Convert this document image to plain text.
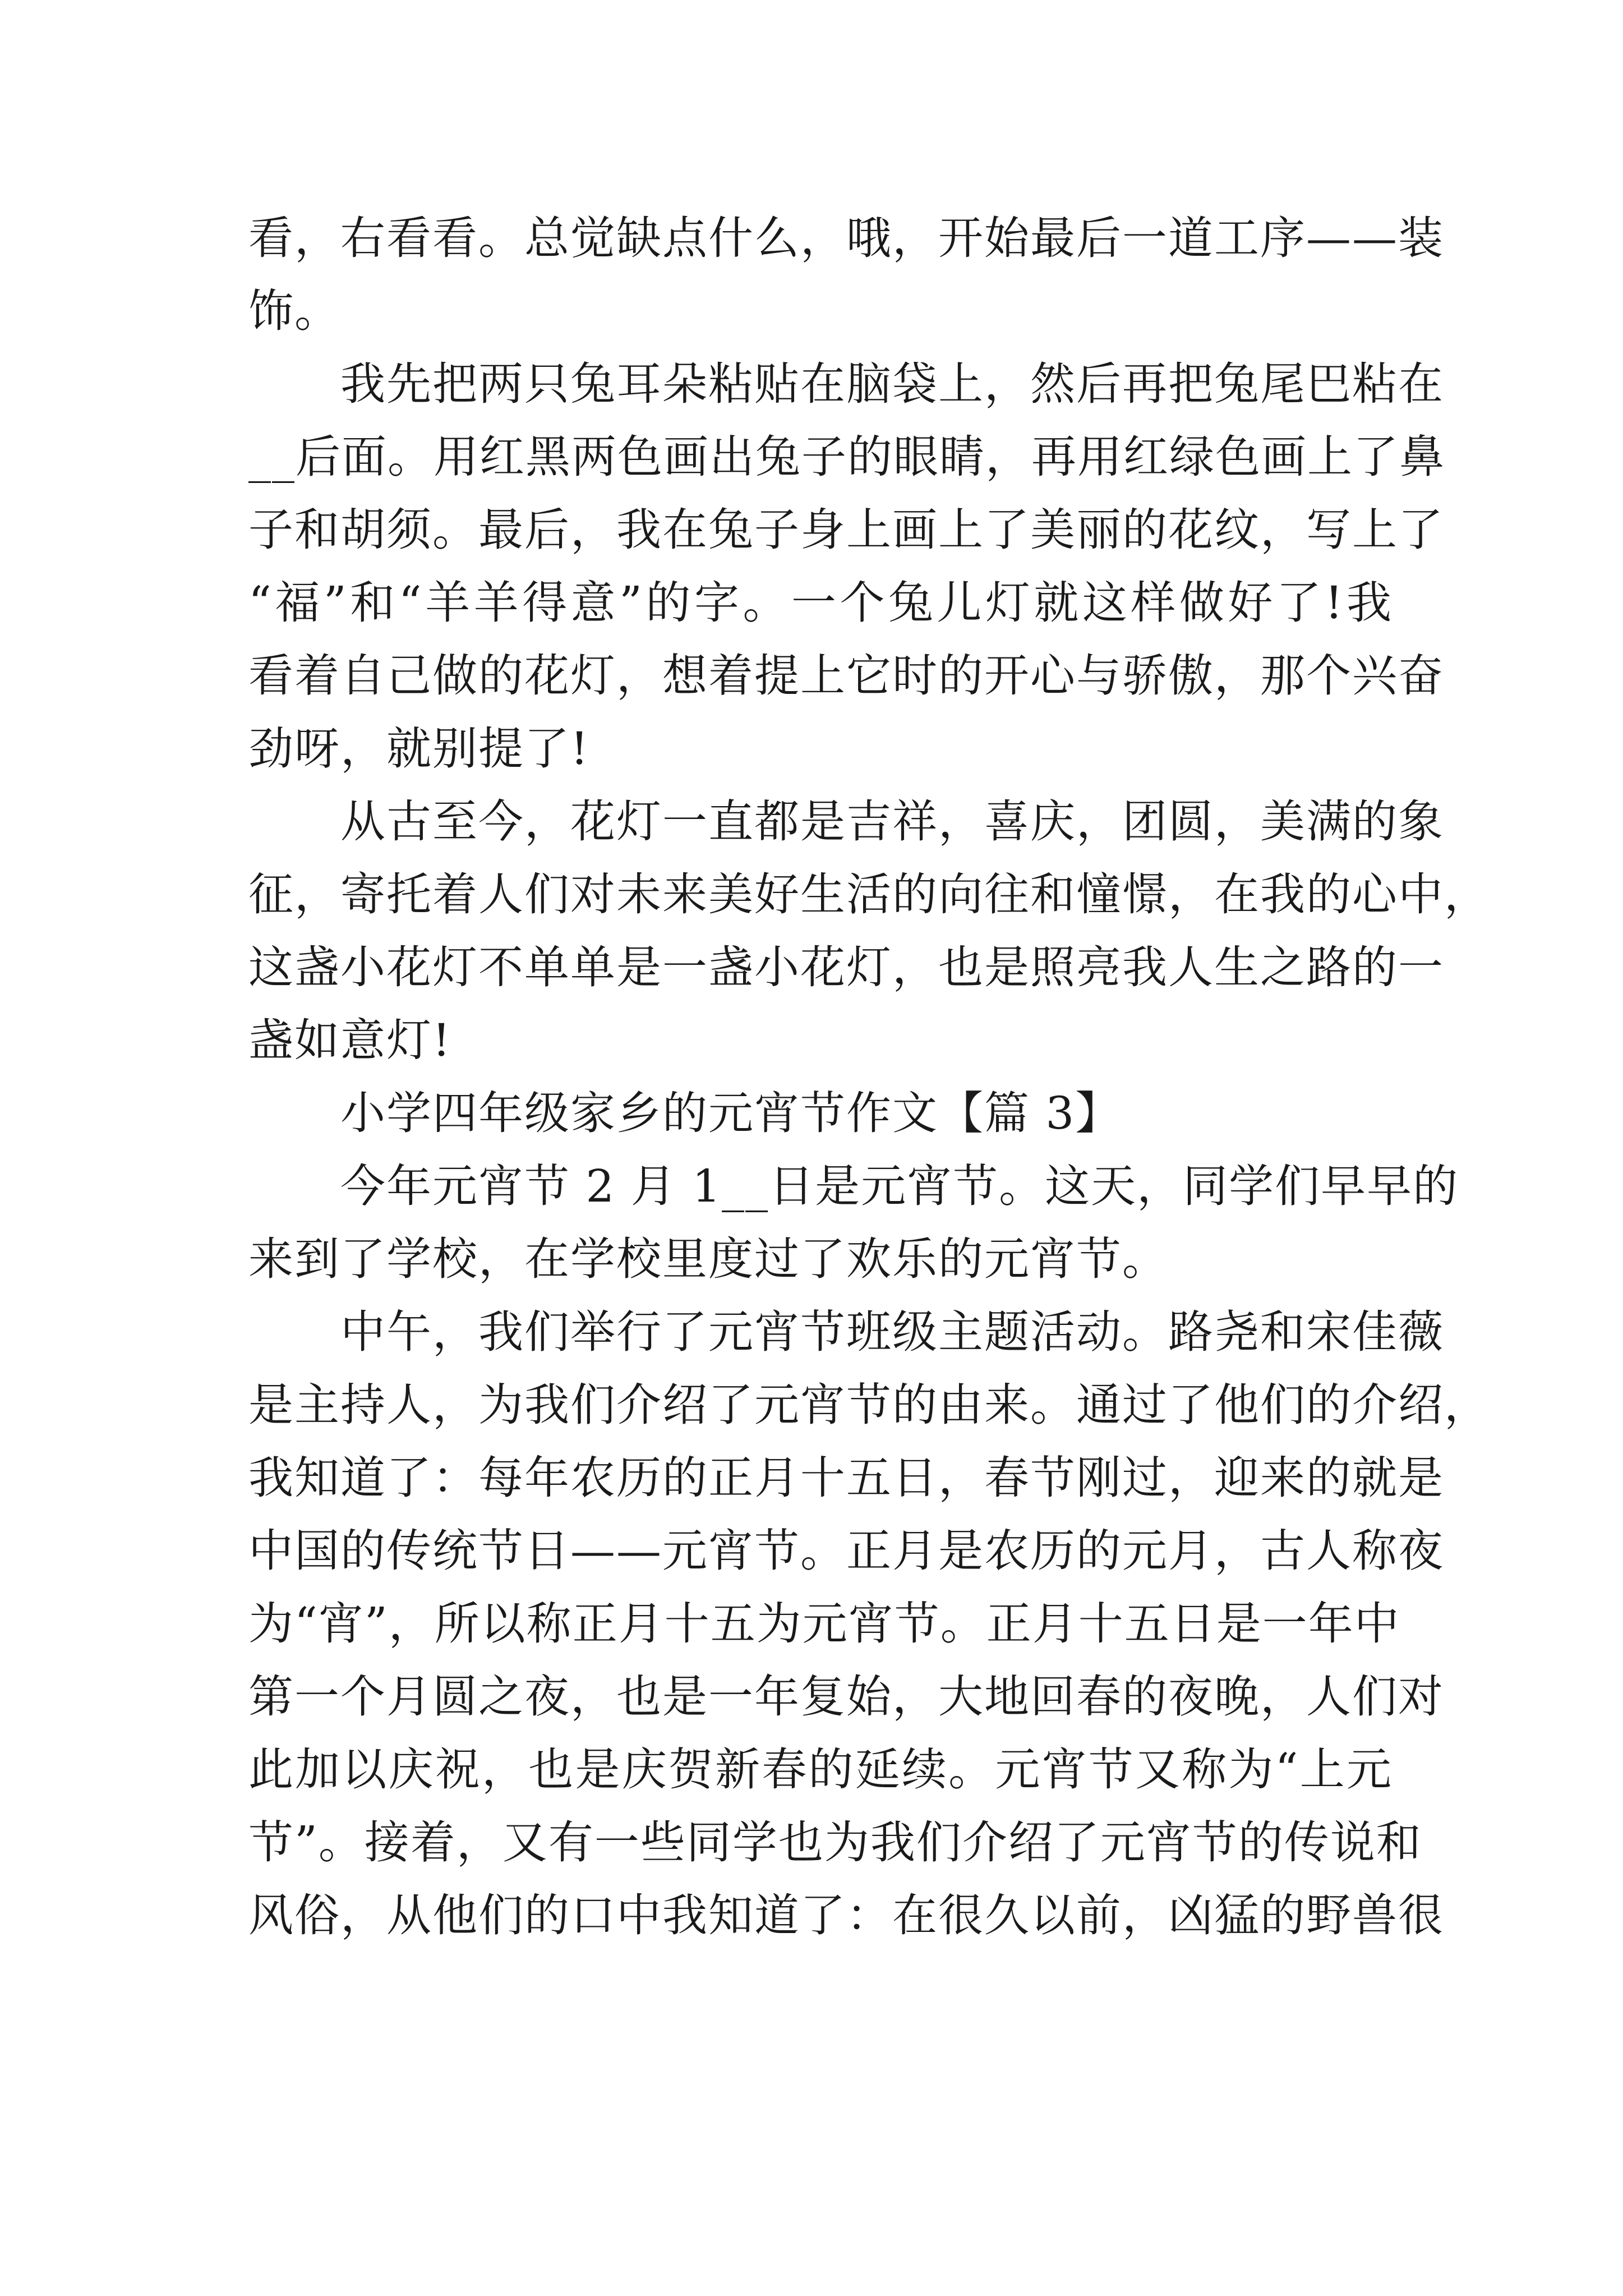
看，右看看。总觉缺点什么，哦，开始最后一道工序——装
饰。
　　我先把两只兔耳朵粘贴在脑袋上，然后再把兔尾巴粘在
__后面。用红黑两色画出兔子的眼睛，再用红绿色画上了鼻
子和胡须。最后，我在兔子身上画上了美丽的花纹，写上了
“福”和“羊羊得意”的字。一个兔儿灯就这样做好了!我
看着自己做的花灯，想着提上它时的开心与骄傲，那个兴奋
劲呀，就别提了!
　　从古至今，花灯一直都是吉祥，喜庆，团圆，美满的象
征，寄托着人们对未来美好生活的向往和憧憬，在我的心中，
这盏小花灯不单单是一盏小花灯，也是照亮我人生之路的一
盏如意灯!
　　小学四年级家乡的元宵节作文【篇 3】
　　今年元宵节 2 月 1__日是元宵节。这天，同学们早早的
来到了学校，在学校里度过了欢乐的元宵节。
　　中午，我们举行了元宵节班级主题活动。路尧和宋佳薇
是主持人，为我们介绍了元宵节的由来。通过了他们的介绍，
我知道了：每年农历的正月十五日，春节刚过，迎来的就是
中国的传统节日——元宵节。正月是农历的元月，古人称夜
为“宵”，所以称正月十五为元宵节。正月十五日是一年中
第一个月圆之夜，也是一年复始，大地回春的夜晚，人们对
此加以庆祝，也是庆贺新春的延续。元宵节又称为“上元
节”。接着，又有一些同学也为我们介绍了元宵节的传说和
风俗，从他们的口中我知道了：在很久以前，凶猛的野兽很
